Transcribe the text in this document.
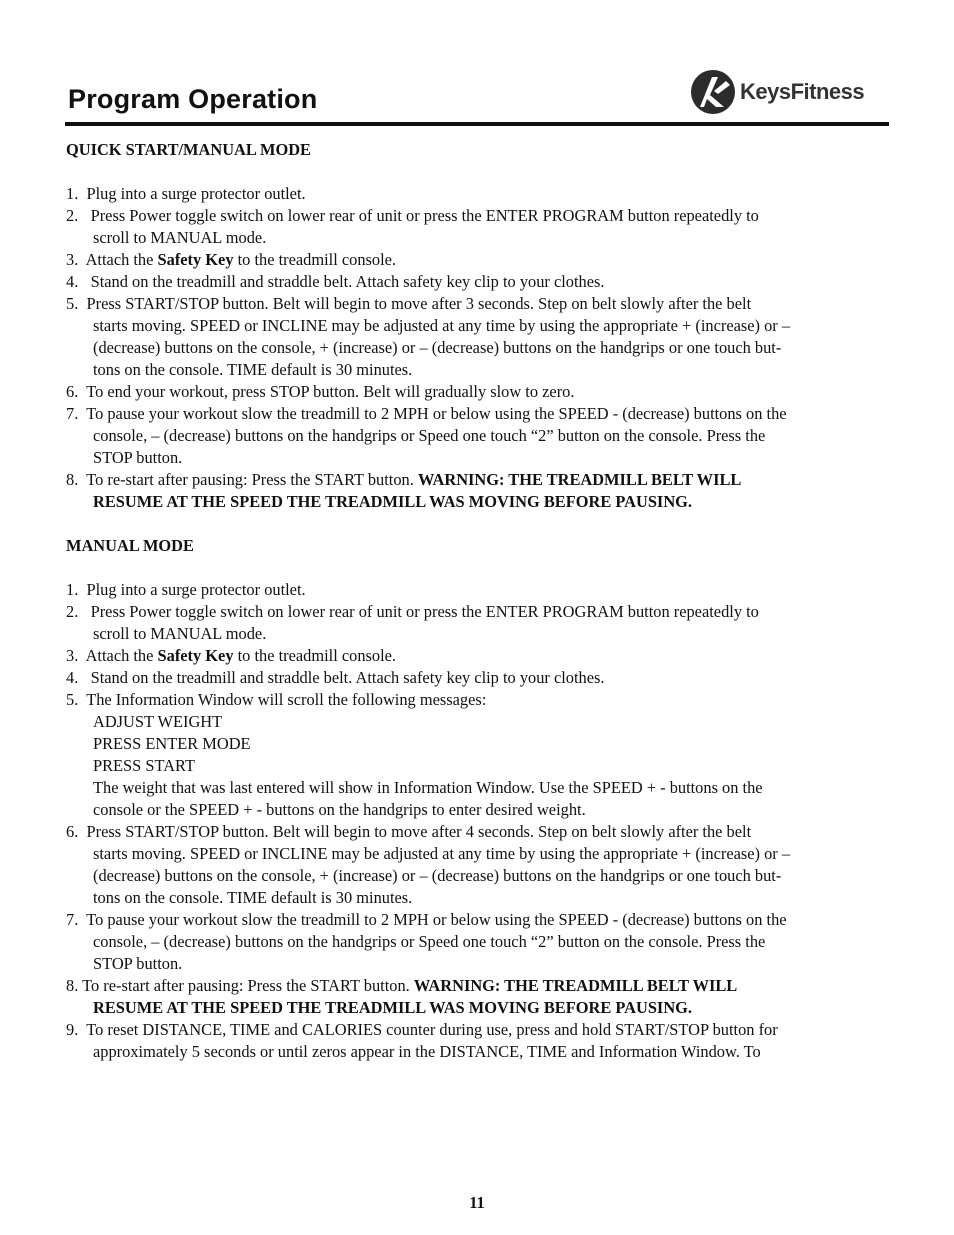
Program Operation	KeysFitness
QUICK START/MANUAL MODE
1. Plug into a surge protector outlet.
2. Press Power toggle switch on lower rear of unit or press the ENTER PROGRAM button repeatedly to
scroll to MANUAL mode.
3. Attach the Safety Key to the treadmill console.
4. Stand on the treadmill and straddle belt. Attach safety key clip to your clothes.
5. Press START/STOP button. Belt will begin to move after 3 seconds. Step on belt slowly after the belt
starts moving. SPEED or INCLINE may be adjusted at any time by using the appropriate + (increase) or –
(decrease) buttons on the console, + (increase) or – (decrease) buttons on the handgrips or one touch but-
tons on the console. TIME default is 30 minutes.
6. To end your workout, press STOP button. Belt will gradually slow to zero.
7. To pause your workout slow the treadmill to 2 MPH or below using the SPEED - (decrease) buttons on the
console, – (decrease) buttons on the handgrips or Speed one touch “2” button on the console. Press the
STOP button.
8. To re-start after pausing: Press the START button. WARNING: THE TREADMILL BELT WILL
RESUME AT THE SPEED THE TREADMILL WAS MOVING BEFORE PAUSING.
MANUAL MODE
1. Plug into a surge protector outlet.
2. Press Power toggle switch on lower rear of unit or press the ENTER PROGRAM button repeatedly to
scroll to MANUAL mode.
3. Attach the Safety Key to the treadmill console.
4. Stand on the treadmill and straddle belt. Attach safety key clip to your clothes.
5. The Information Window will scroll the following messages:
ADJUST WEIGHT
PRESS ENTER MODE
PRESS START
The weight that was last entered will show in Information Window. Use the SPEED + - buttons on the
console or the SPEED + - buttons on the handgrips to enter desired weight.
6. Press START/STOP button. Belt will begin to move after 4 seconds. Step on belt slowly after the belt
starts moving. SPEED or INCLINE may be adjusted at any time by using the appropriate + (increase) or –
(decrease) buttons on the console, + (increase) or – (decrease) buttons on the handgrips or one touch but-
tons on the console. TIME default is 30 minutes.
7. To pause your workout slow the treadmill to 2 MPH or below using the SPEED - (decrease) buttons on the
console, – (decrease) buttons on the handgrips or Speed one touch “2” button on the console. Press the
STOP button.
8. To re-start after pausing: Press the START button. WARNING: THE TREADMILL BELT WILL
RESUME AT THE SPEED THE TREADMILL WAS MOVING BEFORE PAUSING.
9. To reset DISTANCE, TIME and CALORIES counter during use, press and hold START/STOP button for
approximately 5 seconds or until zeros appear in the DISTANCE, TIME and Information Window. To
11
